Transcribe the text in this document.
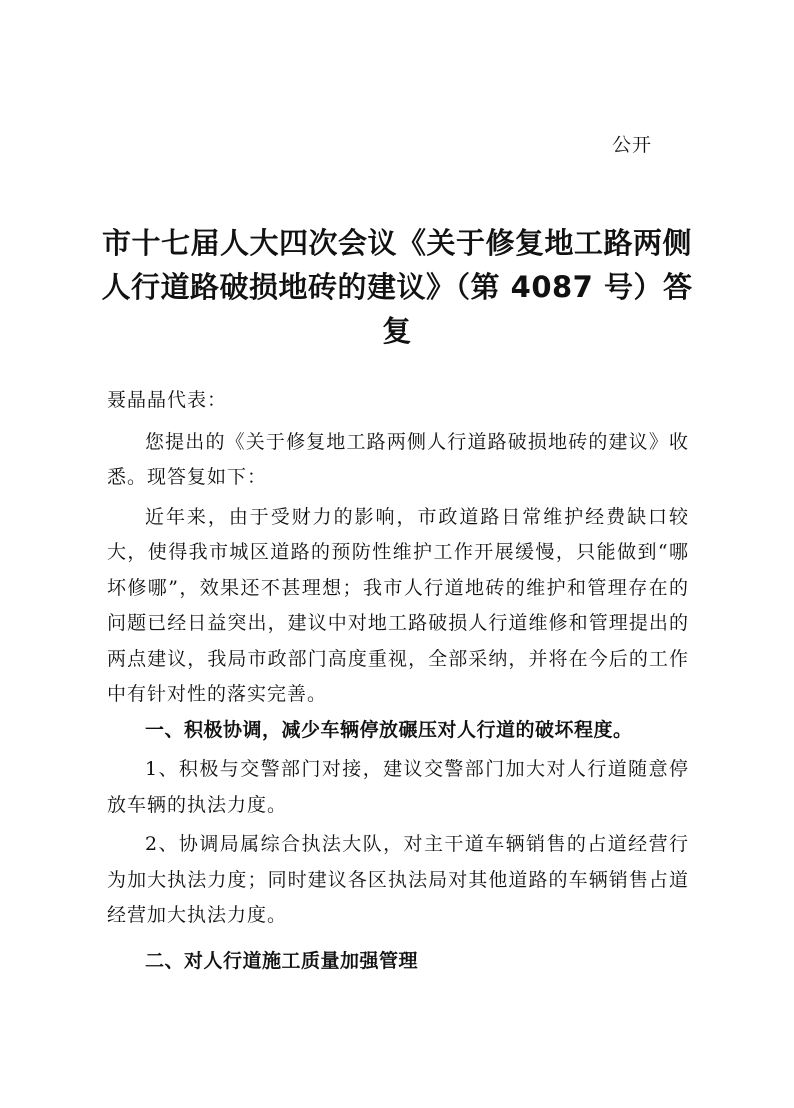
公开
市十七届人大四次会议《关于修复地工路两侧
人行道路破损地砖的建议》（第 4087 号）答
复

聂晶晶代表：

您提出的《关于修复地工路两侧人行道路破损地砖的建议》收悉。现答复如下：

近年来，由于受财力的影响，市政道路日常维护经费缺口较大，使得我市城区道路的预防性维护工作开展缓慢，只能做到“哪坏修哪”，效果还不甚理想；我市人行道地砖的维护和管理存在的问题已经日益突出，建议中对地工路破损人行道维修和管理提出的两点建议，我局市政部门高度重视，全部采纳，并将在今后的工作中有针对性的落实完善。

一、积极协调，减少车辆停放碾压对人行道的破坏程度。

1、积极与交警部门对接，建议交警部门加大对人行道随意停放车辆的执法力度。

2、协调局属综合执法大队，对主干道车辆销售的占道经营行为加大执法力度；同时建议各区执法局对其他道路的车辆销售占道经营加大执法力度。

二、对人行道施工质量加强管理
